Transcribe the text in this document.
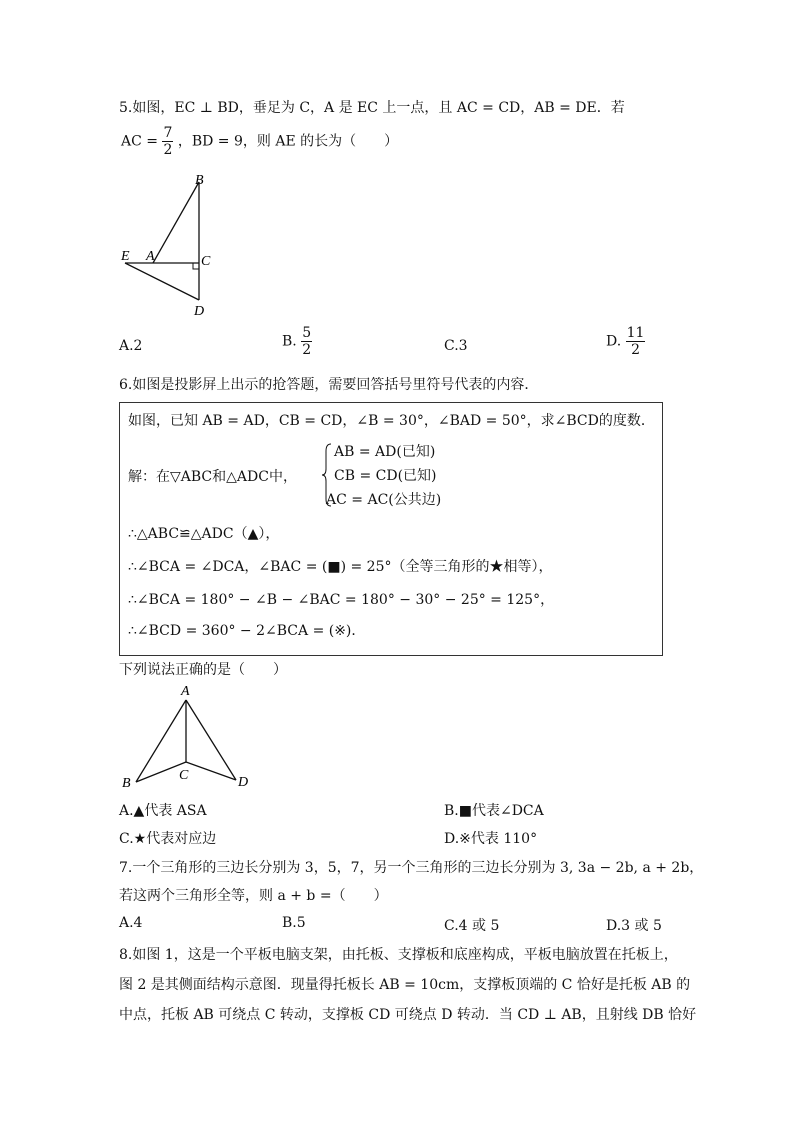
5.如图，EC ⊥ BD，垂足为 C，A 是 EC 上一点，且 AC = CD，AB = DE．若
AC = $\frac{7}{2}$ ，BD = 9，则 AE 的长为（　　）
B
E A	C
D
A.2	B. $\frac{5}{2}$	C.3	D. $\frac{11}{2}$
6.如图是投影屏上出示的抢答题，需要回答括号里符号代表的内容．
如图，已知 AB = AD，CB = CD，∠B = 30°，∠BAD = 50°，求∠BCD的度数．
解：在▽ABC和△ADC中，
AB = AD(已知)
CB = CD(已知)
AC = AC(公共边)
∴△ABC≌△ADC（▲），
∴∠BCA = ∠DCA，∠BAC = (■) = 25°（全等三角形的★相等），
∴∠BCA = 180° − ∠B − ∠BAC = 180° − 30° − 25° = 125°，
∴∠BCD = 360° − 2∠BCA = (※)．
下列说法正确的是（　　）
A
B
C	D
A.▲代表 ASA	B.■代表∠DCA
C.★代表对应边	D.※代表 110°
7.一个三角形的三边长分别为 3，5，7，另一个三角形的三边长分别为 3, 3a − 2b, a + 2b，
若这两个三角形全等，则 a + b =（　　）
A.4	B.5	C.4 或 5	D.3 或 5
8.如图 1，这是一个平板电脑支架，由托板、支撑板和底座构成，平板电脑放置在托板上，
图 2 是其侧面结构示意图．现量得托板长 AB = 10cm，支撑板顶端的 C 恰好是托板 AB 的
中点，托板 AB 可绕点 C 转动，支撑板 CD 可绕点 D 转动．当 CD ⊥ AB，且射线 DB 恰好
